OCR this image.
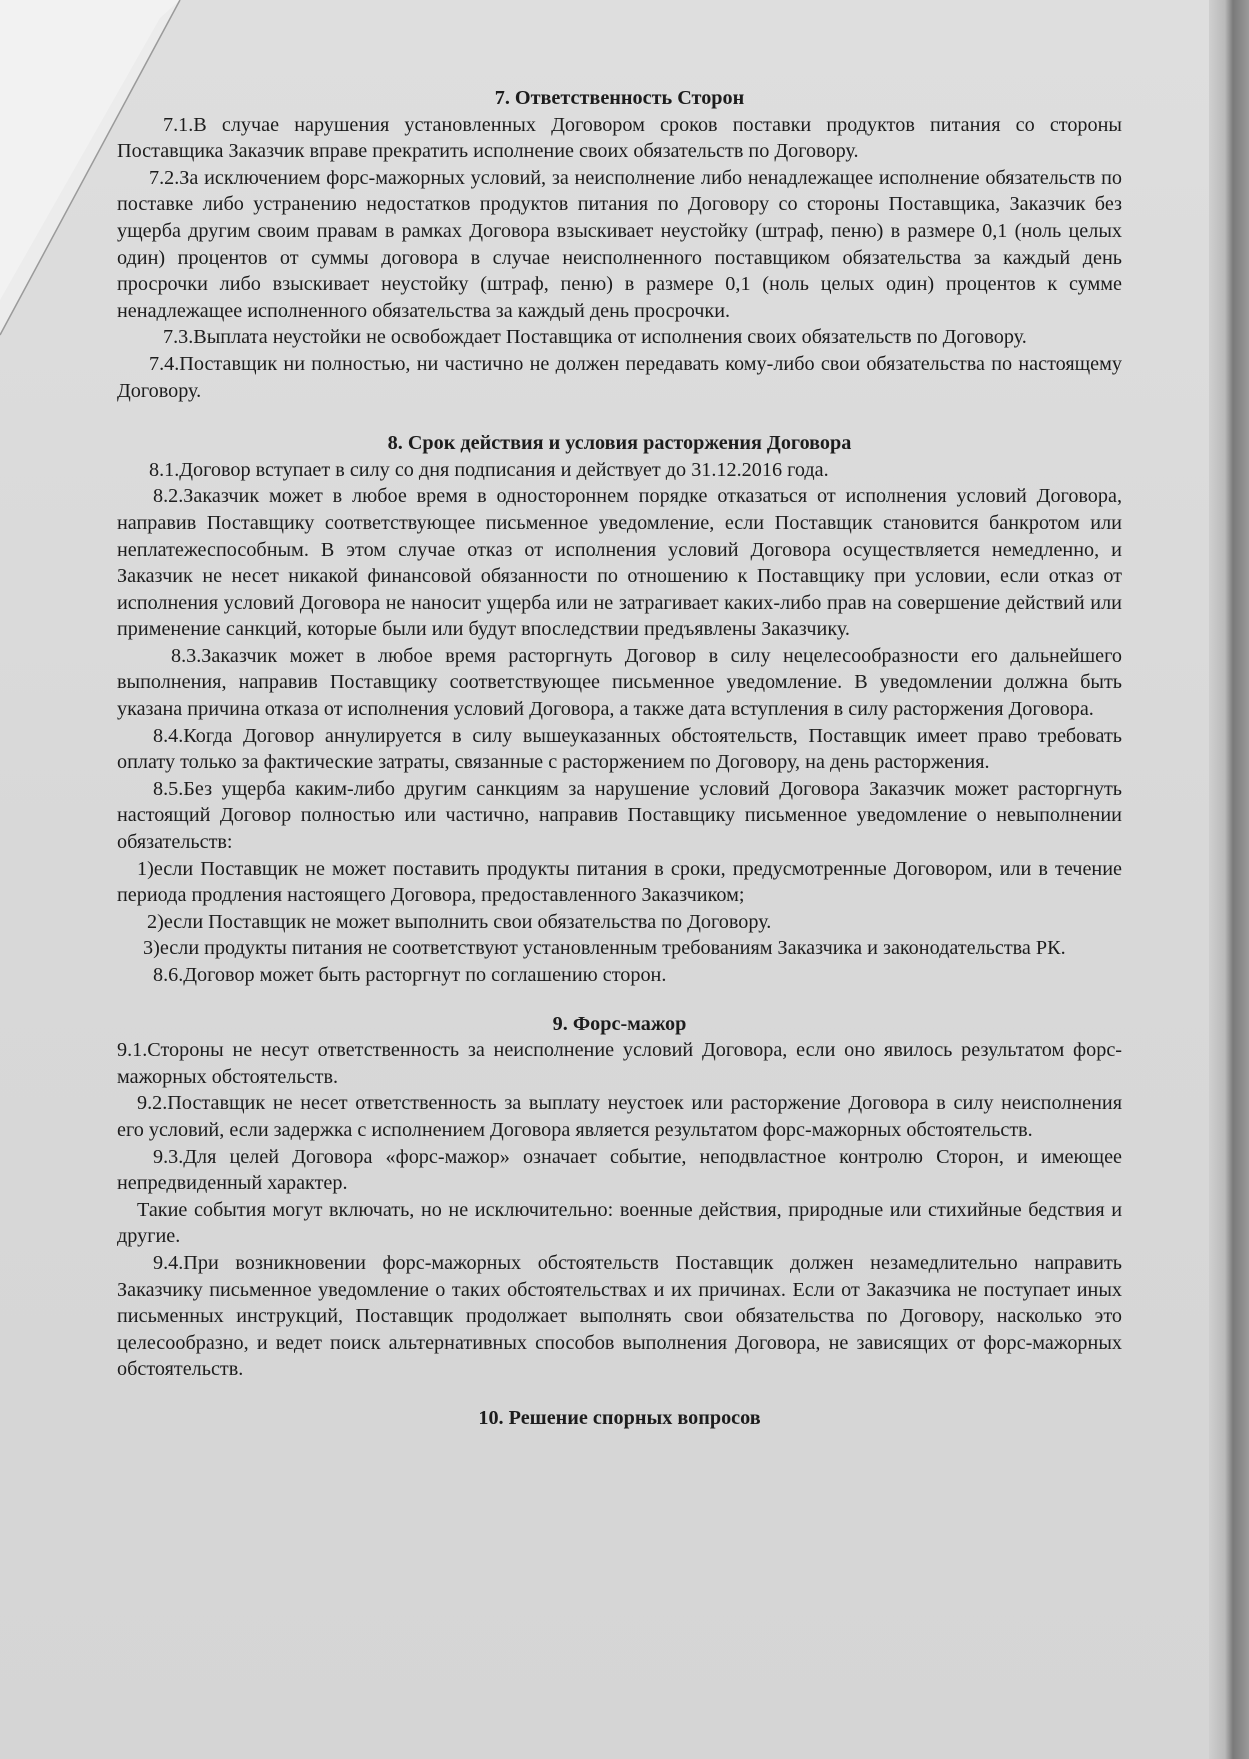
7. Ответственность Сторон

7.1.В случае нарушения установленных Договором сроков поставки продуктов питания со стороны Поставщика Заказчик вправе прекратить исполнение своих обязательств по Договору.

7.2.За исключением форс-мажорных условий, за неисполнение либо ненадлежащее исполнение обязательств по поставке либо устранению недостатков продуктов питания по Договору со стороны Поставщика, Заказчик без ущерба другим своим правам в рамках Договора взыскивает неустойку (штраф, пеню) в размере 0,1 (ноль целых один) процентов от суммы договора в случае неисполненного поставщиком обязательства за каждый день просрочки либо взыскивает неустойку (штраф, пеню) в размере 0,1 (ноль целых один) процентов к сумме ненадлежащее исполненного обязательства за каждый день просрочки.

7.3.Выплата неустойки не освобождает Поставщика от исполнения своих обязательств по Договору.

7.4.Поставщик ни полностью, ни частично не должен передавать кому-либо свои обязательства по настоящему Договору.

8. Срок действия и условия расторжения Договора

8.1.Договор вступает в силу со дня подписания и действует до 31.12.2016 года.

8.2.Заказчик может в любое время в одностороннем порядке отказаться от исполнения условий Договора, направив Поставщику соответствующее письменное уведомление, если Поставщик становится банкротом или неплатежеспособным. В этом случае отказ от исполнения условий Договора осуществляется немедленно, и Заказчик не несет никакой финансовой обязанности по отношению к Поставщику при условии, если отказ от исполнения условий Договора не наносит ущерба или не затрагивает каких-либо прав на совершение действий или применение санкций, которые были или будут впоследствии предъявлены Заказчику.

8.3.Заказчик может в любое время расторгнуть Договор в силу нецелесообразности его дальнейшего выполнения, направив Поставщику соответствующее письменное уведомление. В уведомлении должна быть указана причина отказа от исполнения условий Договора, а также дата вступления в силу расторжения Договора.

8.4.Когда Договор аннулируется в силу вышеуказанных обстоятельств, Поставщик имеет право требовать оплату только за фактические затраты, связанные с расторжением по Договору, на день расторжения.

8.5.Без ущерба каким-либо другим санкциям за нарушение условий Договора Заказчик может расторгнуть настоящий Договор полностью или частично, направив Поставщику письменное уведомление о невыполнении обязательств:

1)если Поставщик не может поставить продукты питания в сроки, предусмотренные Договором, или в течение периода продления настоящего Договора, предоставленного Заказчиком;

2)если Поставщик не может выполнить свои обязательства по Договору.

3)если продукты питания не соответствуют установленным требованиям Заказчика и законодательства РК.

8.6.Договор может быть расторгнут по соглашению сторон.

9. Форс-мажор

9.1.Стороны не несут ответственность за неисполнение условий Договора, если оно явилось результатом форс-мажорных обстоятельств.

9.2.Поставщик не несет ответственность за выплату неустоек или расторжение Договора в силу неисполнения его условий, если задержка с исполнением Договора является результатом форс-мажорных обстоятельств.

9.3.Для целей Договора «форс-мажор» означает событие, неподвластное контролю Сторон, и имеющее непредвиденный характер.

Такие события могут включать, но не исключительно: военные действия, природные или стихийные бедствия и другие.

9.4.При возникновении форс-мажорных обстоятельств Поставщик должен незамедлительно направить Заказчику письменное уведомление о таких обстоятельствах и их причинах. Если от Заказчика не поступает иных письменных инструкций, Поставщик продолжает выполнять свои обязательства по Договору, насколько это целесообразно, и ведет поиск альтернативных способов выполнения Договора, не зависящих от форс-мажорных обстоятельств.

10. Решение спорных вопросов
